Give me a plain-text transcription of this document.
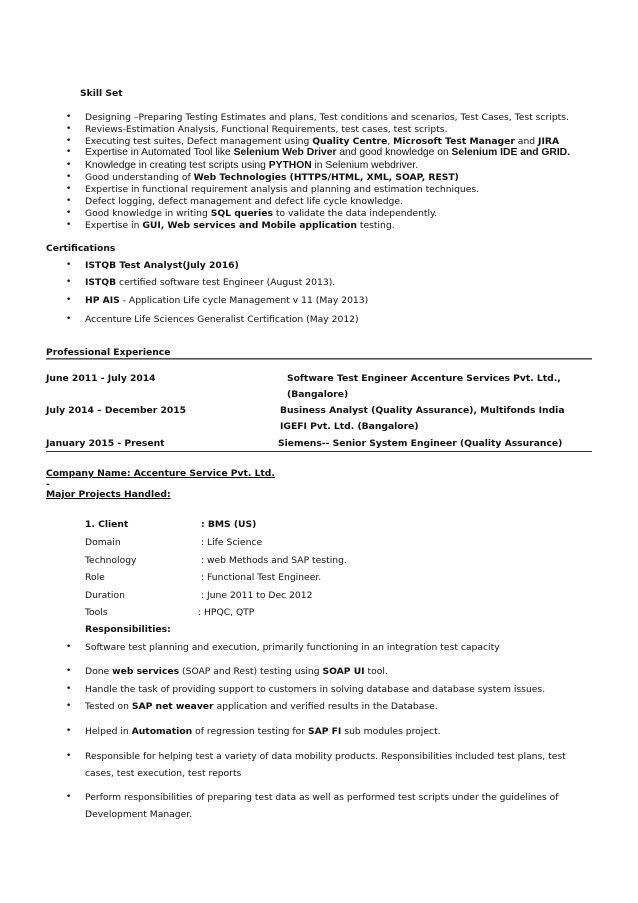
Skill Set
• Designing –Preparing Testing Estimates and plans, Test conditions and scenarios, Test Cases, Test scripts.
• Reviews-Estimation Analysis, Functional Requirements, test cases, test scripts.
• Executing test suites, Defect management using Quality Centre, Microsoft Test Manager and JIRA
• Expertise in Automated Tool like Selenium Web Driver and good knowledge on Selenium IDE and GRID.
• Knowledge in creating test scripts using PYTHON in Selenium webdriver.
• Good understanding of Web Technologies (HTTPS/HTML, XML, SOAP, REST)
• Expertise in functional requirement analysis and planning and estimation techniques.
• Defect logging, defect management and defect life cycle knowledge.
• Good knowledge in writing SQL queries to validate the data independently.
• Expertise in GUI, Web services and Mobile application testing.
Certifications
• ISTQB Test Analyst(July 2016)
• ISTQB certified software test Engineer (August 2013).
• HP AIS - Application Life cycle Management v 11 (May 2013)
• Accenture Life Sciences Generalist Certification (May 2012)
Professional Experience
June 2011 - July 2014	Software Test Engineer Accenture Services Pvt. Ltd.,
(Bangalore)
July 2014 – December 2015	Business Analyst (Quality Assurance), Multifonds India
IGEFI Pvt. Ltd. (Bangalore)
January 2015 - Present	Siemens-- Senior System Engineer (Quality Assurance)
Company Name: Accenture Service Pvt. Ltd.
-
Major Projects Handled:
1. Client	: BMS (US)
Domain	: Life Science
Technology	: web Methods and SAP testing.
Role	: Functional Test Engineer.
Duration	: June 2011 to Dec 2012
Tools	: HPQC, QTP
Responsibilities:
• Software test planning and execution, primarily functioning in an integration test capacity
• Done web services (SOAP and Rest) testing using SOAP UI tool.
• Handle the task of providing support to customers in solving database and database system issues.
• Tested on SAP net weaver application and verified results in the Database.
• Helped in Automation of regression testing for SAP FI sub modules project.
• Responsible for helping test a variety of data mobility products. Responsibilities included test plans, test
• Perform responsibilities of preparing test data as well as performed test scripts under the guidelines of
cases, test execution, test reports
Development Manager.
